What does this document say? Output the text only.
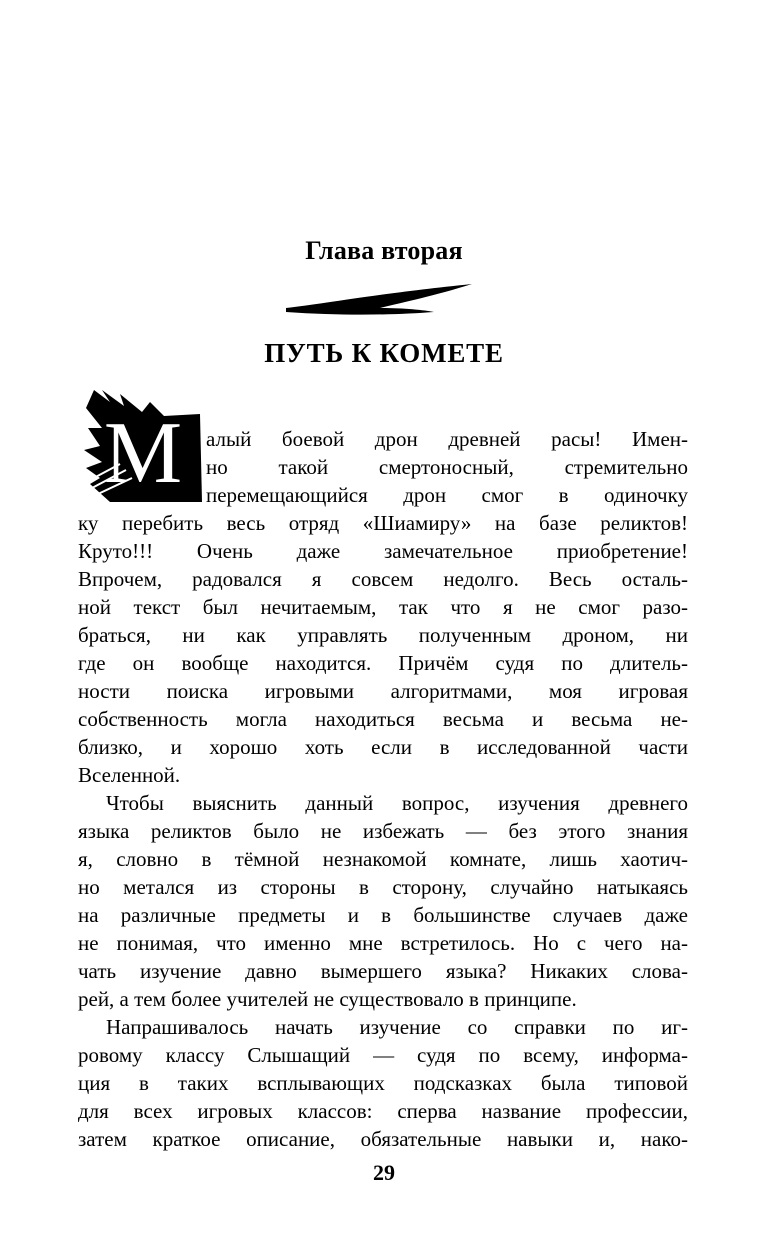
Глава вторая
ПУТЬ К КОМЕТЕ
М	алый боевой дрон древней расы! Имен-
но такой смертоносный, стремительно
перемещающийся дрон смог в одиночку
ку перебить весь отряд «Шиамиру» на базе реликтов!
Круто!!! Очень даже замечательное приобретение!
Впрочем, радовался я совсем недолго. Весь осталь-
ной текст был нечитаемым, так что я не смог разо-
браться, ни как управлять полученным дроном, ни
где он вообще находится. Причём судя по длитель-
ности поиска игровыми алгоритмами, моя игровая
собственность могла находиться весьма и весьма не-
близко, и хорошо хоть если в исследованной части
Вселенной.
Чтобы выяснить данный вопрос, изучения древнего
языка реликтов было не избежать — без этого знания
я, словно в тёмной незнакомой комнате, лишь хаотич-
но метался из стороны в сторону, случайно натыкаясь
на различные предметы и в большинстве случаев даже
не понимая, что именно мне встретилось. Но с чего на-
чать изучение давно вымершего языка? Никаких слова-
рей, а тем более учителей не существовало в принципе.
Напрашивалось начать изучение со справки по иг-
ровому классу Слышащий — судя по всему, информа-
ция в таких всплывающих подсказках была типовой
для всех игровых классов: сперва название профессии,
затем краткое описание, обязательные навыки и, нако-
29
